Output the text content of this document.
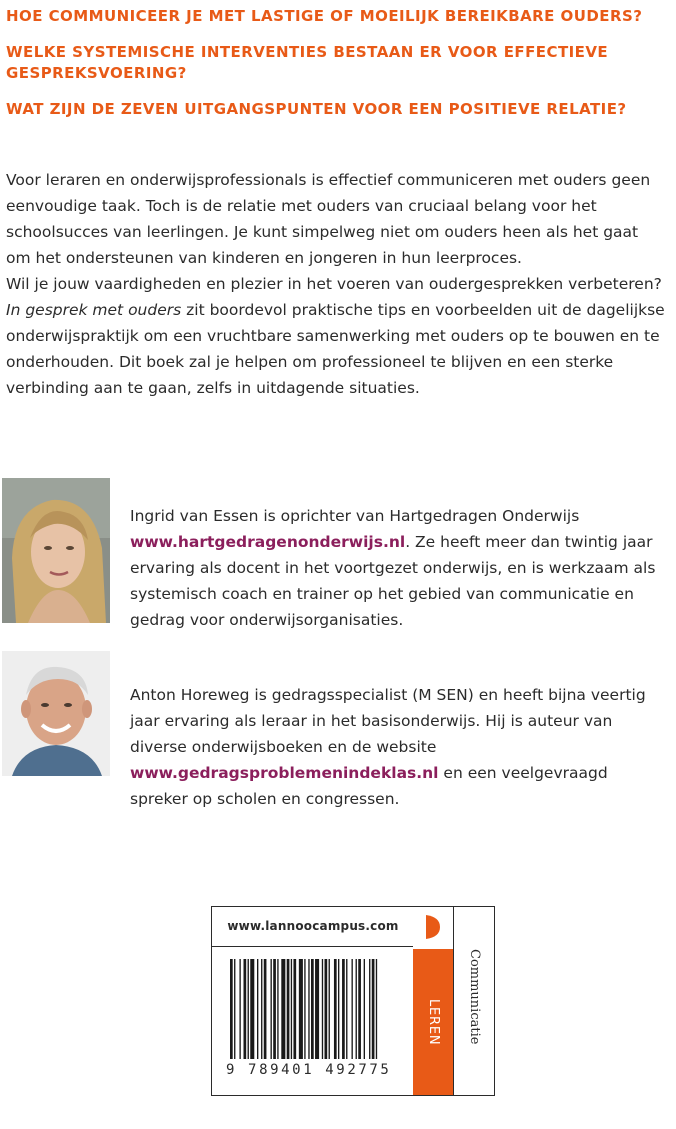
HOE COMMUNICEER JE MET LASTIGE OF MOEILIJK BEREIKBARE OUDERS?
WELKE SYSTEMISCHE INTERVENTIES BESTAAN ER VOOR EFFECTIEVE GESPREKSVOERING?
WAT ZIJN DE ZEVEN UITGANGSPUNTEN VOOR EEN POSITIEVE RELATIE?

Voor leraren en onderwijsprofessionals is effectief communiceren met ouders geen eenvoudige taak. Toch is de relatie met ouders van cruciaal belang voor het schoolsucces van leerlingen. Je kunt simpelweg niet om ouders heen als het gaat om het ondersteunen van kinderen en jongeren in hun leerproces.

Wil je jouw vaardigheden en plezier in het voeren van oudergesprekken verbeteren? In gesprek met ouders zit boordevol praktische tips en voorbeelden uit de dagelijkse onderwijspraktijk om een vruchtbare samenwerking met ouders op te bouwen en te onderhouden. Dit boek zal je helpen om professioneel te blijven en een sterke verbinding aan te gaan, zelfs in uitdagende situaties.

Ingrid van Essen is oprichter van Hartgedragen Onderwijs www.hartgedragenonderwijs.nl. Ze heeft meer dan twintig jaar ervaring als docent in het voortgezet onderwijs, en is werkzaam als systemisch coach en trainer op het gebied van communicatie en gedrag voor onderwijsorganisaties.
Anton Horeweg is gedragsspecialist (M SEN) en heeft bijna veertig jaar ervaring als leraar in het basisonderwijs. Hij is auteur van diverse onderwijsboeken en de website www.gedragsproblemenindeklas.nl en een veelgevraagd spreker op scholen en congressen.
www.lannoocampus.com
9 789401 492775
LEREN	Communicatie
